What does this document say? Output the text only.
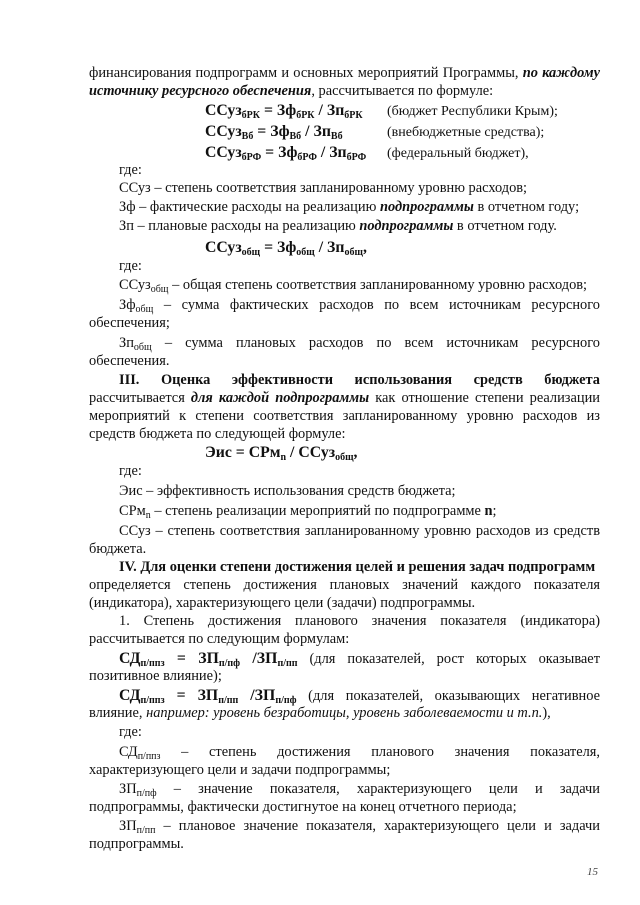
финансирования подпрограмм и основных мероприятий Программы, по каждому
источнику ресурсного обеспечения, рассчитывается по формуле:
ССуз$_{бРК}$ = $Зф_{бРК} / Зп_{бРК}$ (бюджет Республики Крым);
ССуз$_{Вб}$ = $Зф_{Вб} / Зп_{Вб}$	(внебюджетные средства);
ССуз$_{бРФ}$ = $Зф_{бРФ} / Зп_{бРФ}$ (федеральный бюджет),
где:
ССуз – степень соответствия запланированному уровню расходов;
Зф – фактические расходы на реализацию подпрограммы в отчетном году;
Зп – плановые расходы на реализацию подпрограммы в отчетном году.
ССуз$_{общ}$ = $Зф_{общ} / Зп_{общ}$,
где:
ССуз$_{общ}$ – общая степень соответствия запланированному уровню расходов;
$Зф_{общ}$ – сумма фактических расходов по всем источникам ресурсного
обеспечения;
$Зп_{общ}$ – сумма плановых расходов по всем источникам ресурсного
обеспечения.
III. Оценка эффективности использования средств бюджета
рассчитывается для каждой подпрограммы как отношение степени реализации
мероприятий к степени соответствия запланированному уровню расходов из
средств бюджета по следующей формуле:
Эис = СРм$_n$ / ССуз$_{общ}$,
где:
Эис – эффективность использования средств бюджета;
СРм$_n$ – степень реализации мероприятий по подпрограмме n;
ССуз – степень соответствия запланированному уровню расходов из средств
бюджета.
IV. Для оценки степени достижения целей и решения задач подпрограмм
определяется степень достижения плановых значений каждого показателя
(индикатора), характеризующего цели (задачи) подпрограммы.
1. Степень достижения планового значения показателя (индикатора)
рассчитывается по следующим формулам:
$СД_{п/ппз} = ЗП_{п/пф}$ $/ЗП_{п/пп}$ (для показателей, рост которых оказывает
позитивное влияние);
$СД_{п/ппз} = ЗП_{п/пп}$ $/ЗП_{п/пф}$ (для показателей, оказывающих негативное
влияние, например: уровень безработицы, уровень заболеваемости и т.п.),
где:
$СД_{п/ппз}$ – степень достижения планового значения показателя,
характеризующего цели и задачи подпрограммы;
$ЗП_{п/пф}$ – значение показателя, характеризующего цели и задачи
подпрограммы, фактически достигнутое на конец отчетного периода;
$ЗП_{п/пп}$ – плановое значение показателя, характеризующего цели и задачи
подпрограммы.
15
